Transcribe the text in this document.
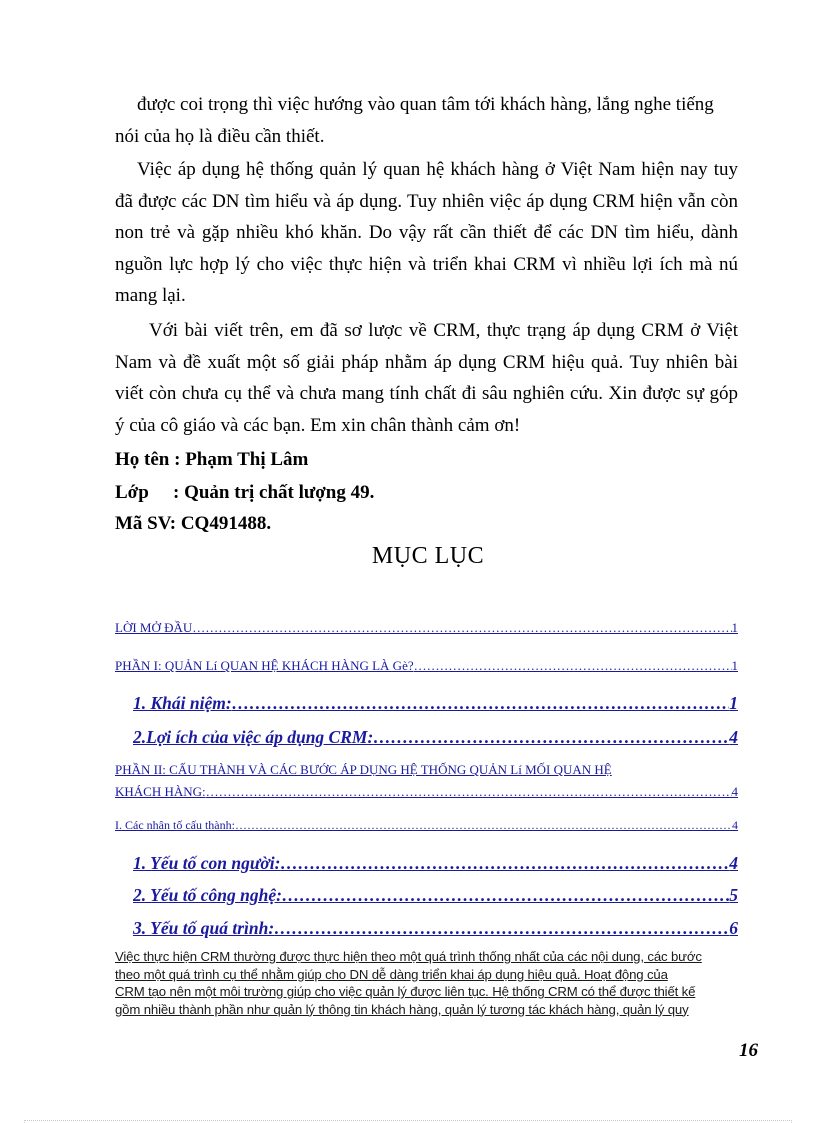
được coi trọng thì việc hướng vào quan tâm tới khách hàng, lắng nghe tiếng
nói của họ là điều cần thiết.

Việc áp dụng hệ thống quản lý quan hệ khách hàng ở Việt Nam hiện nay tuy đã được các DN tìm hiểu và áp dụng. Tuy nhiên việc áp dụng CRM hiện vẫn còn non trẻ và gặp nhiều khó khăn. Do vậy rất cần thiết để các DN tìm hiểu, dành nguồn lực hợp lý cho việc thực hiện và triển khai CRM vì nhiều lợi ích mà nú mang lại.

Với bài viết trên, em đã sơ lược về CRM, thực trạng áp dụng CRM ở Việt Nam và đề xuất một số giải pháp nhằm áp dụng CRM hiệu quả. Tuy nhiên bài viết còn chưa cụ thể và chưa mang tính chất đi sâu nghiên cứu. Xin được sự góp ý của cô giáo và các bạn. Em xin chân thành cảm ơn!

Họ tên : Phạm Thị Lâm
Lớp : Quản trị chất lượng 49.
Mã SV: CQ491488.
MỤC LỤC
LỜI MỞ ĐẦU ………………………………………………………………………………………………………………………………………………………………………………………………………………………………………………………………………………………………………	1
PHẦN I: QUẢN Lí QUAN HỆ KHÁCH HÀNG LÀ Gè? ………………………………………………………………………………………………………………………………………………………………………………………………………………………………………………………………………………………………………	1
1. Khái niệm: ………………………………………………………………………………………………………………………………………………………………………………………………………………………………………………………………………………………………………	1
2.Lợi ích của việc áp dụng CRM: ………………………………………………………………………………………………………………………………………………………………………………………………………………………………………………………………………………………………………	4
PHẦN II: CẤU THÀNH VÀ CÁC BƯỚC ÁP DỤNG HỆ THỐNG QUẢN Lí MỐI QUAN HỆ
KHÁCH HÀNG: ………………………………………………………………………………………………………………………………………………………………………………………………………………………………………………	4
I. Các nhân tố cấu thành: ………………………………………………………………………………………………………………………………………………………………………………………………………………………………………………………………………………………………………	4
1. Yếu tố con người: ………………………………………………………………………………………………………………………………………………………………………………………………………………………………………………………………………………………………………	4
2. Yếu tố công nghệ: ………………………………………………………………………………………………………………………………………………………………………………………………………………………………………………………………………………………………………	5
3. Yếu tố quá trình: ………………………………………………………………………………………………………………………………………………………………………………………………………………………………………………………………………………………………………	6
Việc thực hiện CRM thường được thực hiện theo một quá trình thống nhất của các nội dung, các bước
theo một quá trình cụ thể nhằm giúp cho DN dễ dàng triển khai áp dụng hiệu quả. Hoạt động của
CRM tạo nên một môi trường giúp cho việc quản lý được liên tục. Hệ thống CRM có thể được thiết kế
gồm nhiều thành phần như quản lý thông tin khách hàng, quản lý tương tác khách hàng, quản lý quy
16
